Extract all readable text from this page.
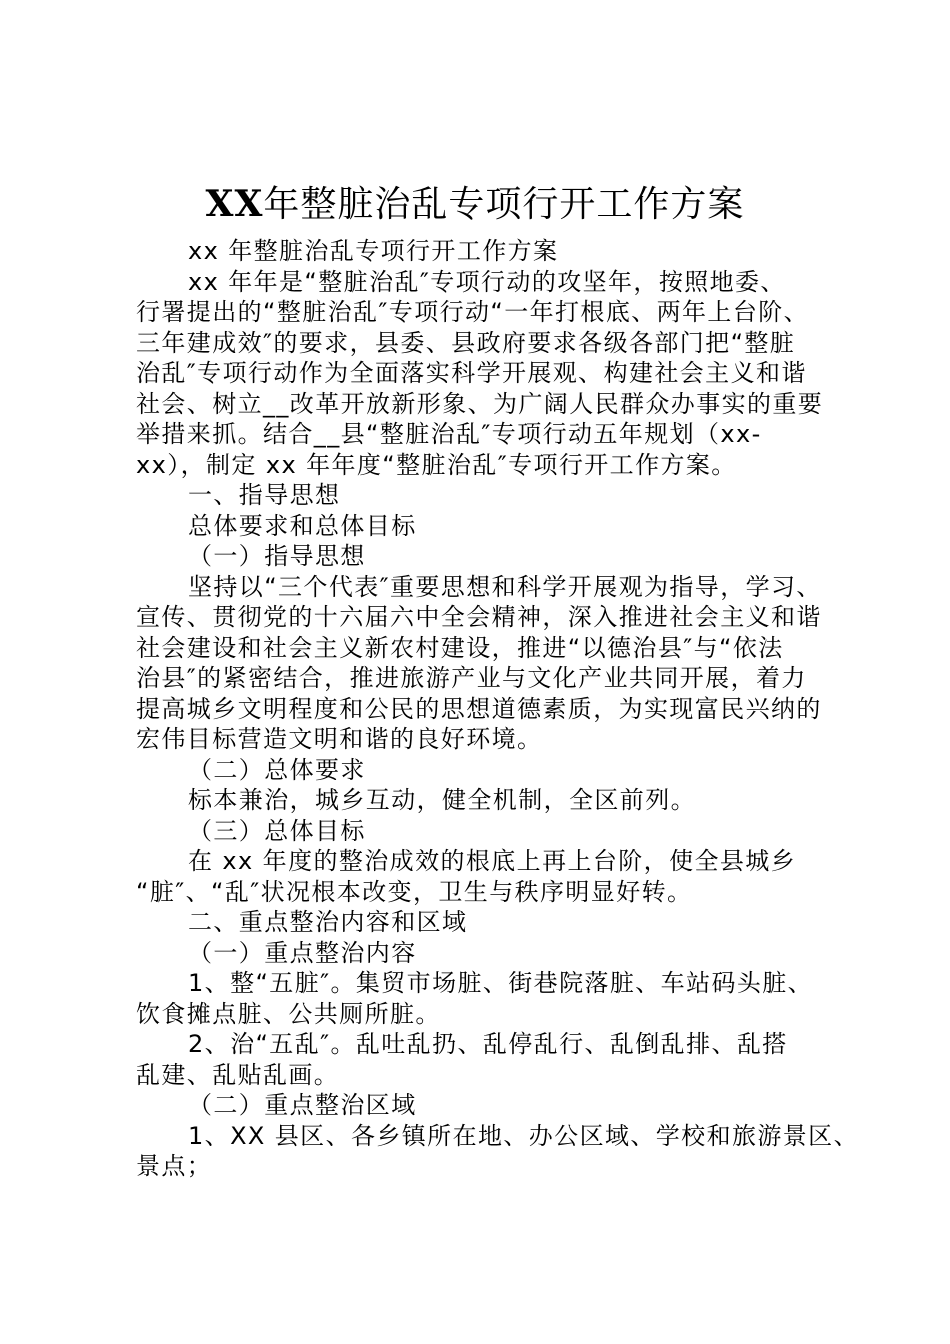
XX年整脏治乱专项行开工作方案

xx 年整脏治乱专项行开工作方案

xx 年年是“整脏治乱″专项行动的攻坚年，按照地委、

行署提出的“整脏治乱″专项行动“一年打根底、两年上台阶、

三年建成效″的要求，县委、县政府要求各级各部门把“整脏

治乱″专项行动作为全面落实科学开展观、构建社会主义和谐

社会、树立__改革开放新形象、为广阔人民群众办事实的重要

举措来抓。结合__县“整脏治乱″专项行动五年规划（xx-

xx），制定 xx 年年度“整脏治乱″专项行开工作方案。

一、指导思想

总体要求和总体目标

（一）指导思想

坚持以“三个代表″重要思想和科学开展观为指导，学习、

宣传、贯彻党的十六届六中全会精神，深入推进社会主义和谐

社会建设和社会主义新农村建设，推进“以德治县″与“依法

治县″的紧密结合，推进旅游产业与文化产业共同开展，着力

提高城乡文明程度和公民的思想道德素质，为实现富民兴纳的

宏伟目标营造文明和谐的良好环境。

（二）总体要求

标本兼治，城乡互动，健全机制，全区前列。

（三）总体目标

在 xx 年度的整治成效的根底上再上台阶，使全县城乡

“脏″、“乱″状况根本改变，卫生与秩序明显好转。

二、重点整治内容和区域

（一）重点整治内容

1、整“五脏″。集贸市场脏、街巷院落脏、车站码头脏、

饮食摊点脏、公共厕所脏。

2、治“五乱″。乱吐乱扔、乱停乱行、乱倒乱排、乱搭

乱建、乱贴乱画。

（二）重点整治区域

1、XX 县区、各乡镇所在地、办公区域、学校和旅游景区、

景点；
